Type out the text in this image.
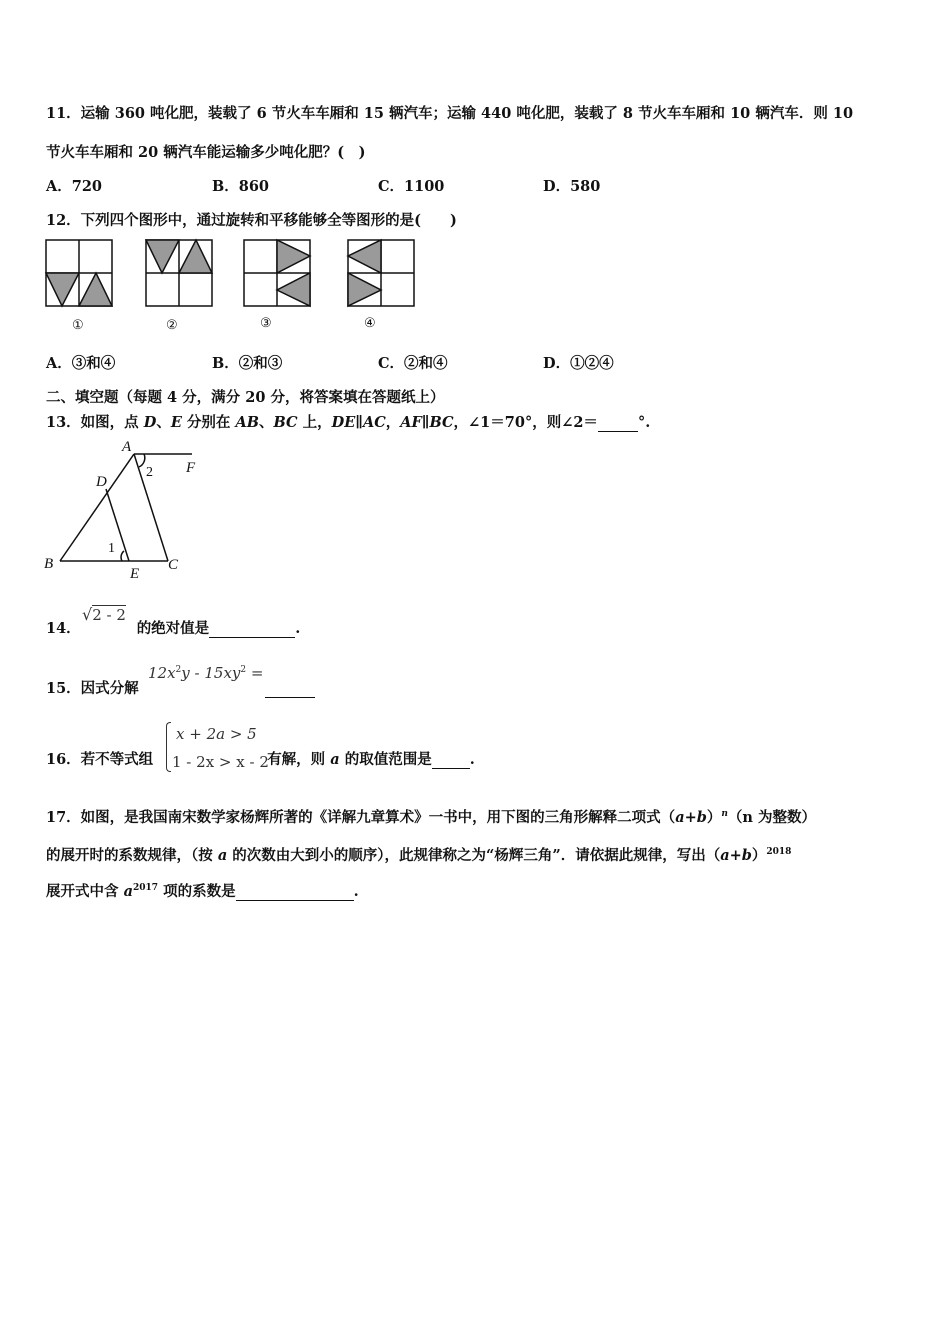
11．运输 360 吨化肥，装载了 6 节火车车厢和 15 辆汽车；运输 440 吨化肥，装载了 8 节火车车厢和 10 辆汽车．则 10
节火车车厢和 20 辆汽车能运输多少吨化肥？(　)
A．720	B．860	C．1100	D．580
12．下列四个图形中，通过旋转和平移能够全等图形的是(　　)
①	②	③	④
A．③和④	B．②和③	C．②和④	D．①②④
二、填空题（每题 4 分，满分 20 分，将答案填在答题纸上）
13．如图，点 D、E 分别在 AB、BC 上，DE∥AC，AF∥BC，∠1＝70°，则∠2＝	°.
A
F
D
B
E
C
1
2
14．	的绝对值是	.
√2 - 2
15．因式分解
$12x^2y - 15xy^2$ =
16．若不等式组	有解，则 a 的取值范围是	.
x + 2a > 5
1 - 2x > x - 2
17．如图，是我国南宋数学家杨辉所著的《详解九章算术》一书中，用下图的三角形解释二项式$(a+b)^n(n$ 为整数）
的展开时的系数规律，（按 a 的次数由大到小的顺序），此规律称之为“杨辉三角”．请依据此规律，写出$(a+b)^{2018}$
展开式中含 $a^{2017}$ 项的系数是	.
